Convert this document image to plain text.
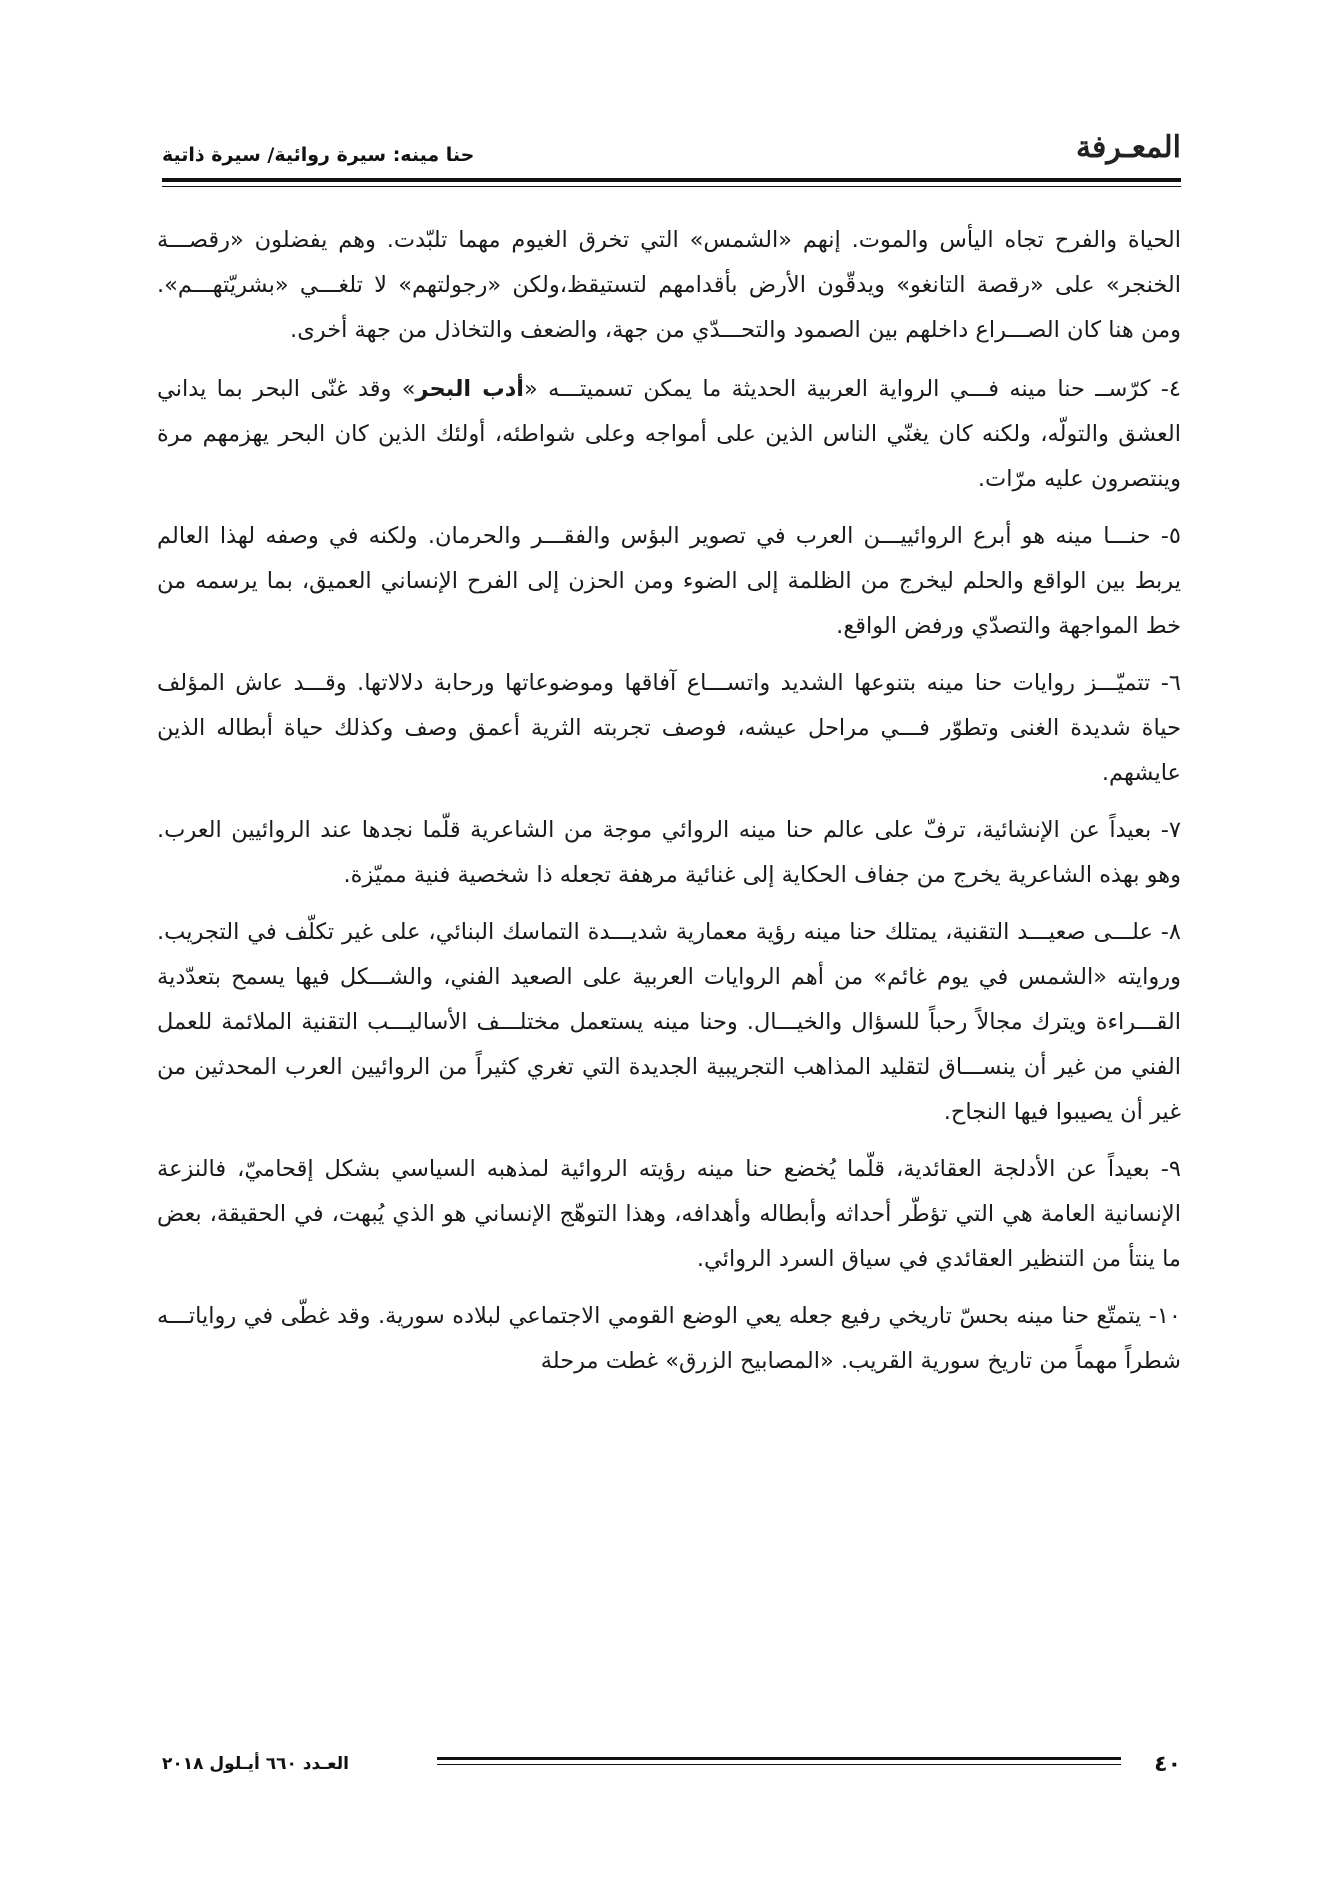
المعـرفة
حنا مينه: سيرة روائية/ سيرة ذاتية

الحياة والفرح تجاه اليأس والموت. إنهم «الشمس» التي تخرق الغيوم مهما تلبّدت. وهم يفضلون «رقصـــة الخنجر» على «رقصة التانغو» ويدقّون الأرض بأقدامهم لتستيقظ،ولكن «رجولتهم» لا تلغـــي «بشريّتهـــم». ومن هنا كان الصـــراع داخلهم بين الصمود والتحـــدّي من جهة، والضعف والتخاذل من جهة أخرى.

٤- كرّســ حنا مينه فـــي الرواية العربية الحديثة ما يمكن تسميتـــه «أدب البحر» وقد غنّى البحر بما يداني العشق والتولّه، ولكنه كان يغنّي الناس الذين على أمواجه وعلى شواطئه، أولئك الذين كان البحر يهزمهم مرة وينتصرون عليه مرّات.

٥- حنـــا مينه هو أبرع الروائييـــن العرب في تصوير البؤس والفقـــر والحرمان. ولكنه في وصفه لهذا العالم يربط بين الواقع والحلم ليخرج من الظلمة إلى الضوء ومن الحزن إلى الفرح الإنساني العميق، بما يرسمه من خط المواجهة والتصدّي ورفض الواقع.

٦- تتميّـــز روايات حنا مينه بتنوعها الشديد واتســـاع آفاقها وموضوعاتها ورحابة دلالاتها. وقـــد عاش المؤلف حياة شديدة الغنى وتطوّر فـــي مراحل عيشه، فوصف تجربته الثرية أعمق وصف وكذلك حياة أبطاله الذين عايشهم.

٧- بعيداً عن الإنشائية، ترفّ على عالم حنا مينه الروائي موجة من الشاعرية قلّما نجدها عند الروائيين العرب. وهو بهذه الشاعرية يخرج من جفاف الحكاية إلى غنائية مرهفة تجعله ذا شخصية فنية مميّزة.

٨- علـــى صعيـــد التقنية، يمتلك حنا مينه رؤية معمارية شديـــدة التماسك البنائي، على غير تكلّف في التجريب. وروايته «الشمس في يوم غائم» من أهم الروايات العربية على الصعيد الفني، والشـــكل فيها يسمح بتعدّدية القـــراءة ويترك مجالاً رحباً للسؤال والخيـــال. وحنا مينه يستعمل مختلـــف الأساليـــب التقنية الملائمة للعمل الفني من غير أن ينســـاق لتقليد المذاهب التجريبية الجديدة التي تغري كثيراً من الروائيين العرب المحدثين من غير أن يصيبوا فيها النجاح.

٩- بعيداً عن الأدلجة العقائدية، قلّما يُخضع حنا مينه رؤيته الروائية لمذهبه السياسي بشكل إقحاميّ، فالنزعة الإنسانية العامة هي التي تؤطّر أحداثه وأبطاله وأهدافه، وهذا التوهّج الإنساني هو الذي يُبهت، في الحقيقة، بعض ما ينتأ من التنظير العقائدي في سياق السرد الروائي.

١٠- يتمتّع حنا مينه بحسّ تاريخي رفيع جعله يعي الوضع القومي الاجتماعي لبلاده سورية. وقد غطّى في رواياتـــه شطراً مهماً من تاريخ سورية القريب. «المصابيح الزرق» غطت مرحلة

٤٠
العـدد ٦٦٠ أيـلول ٢٠١٨
